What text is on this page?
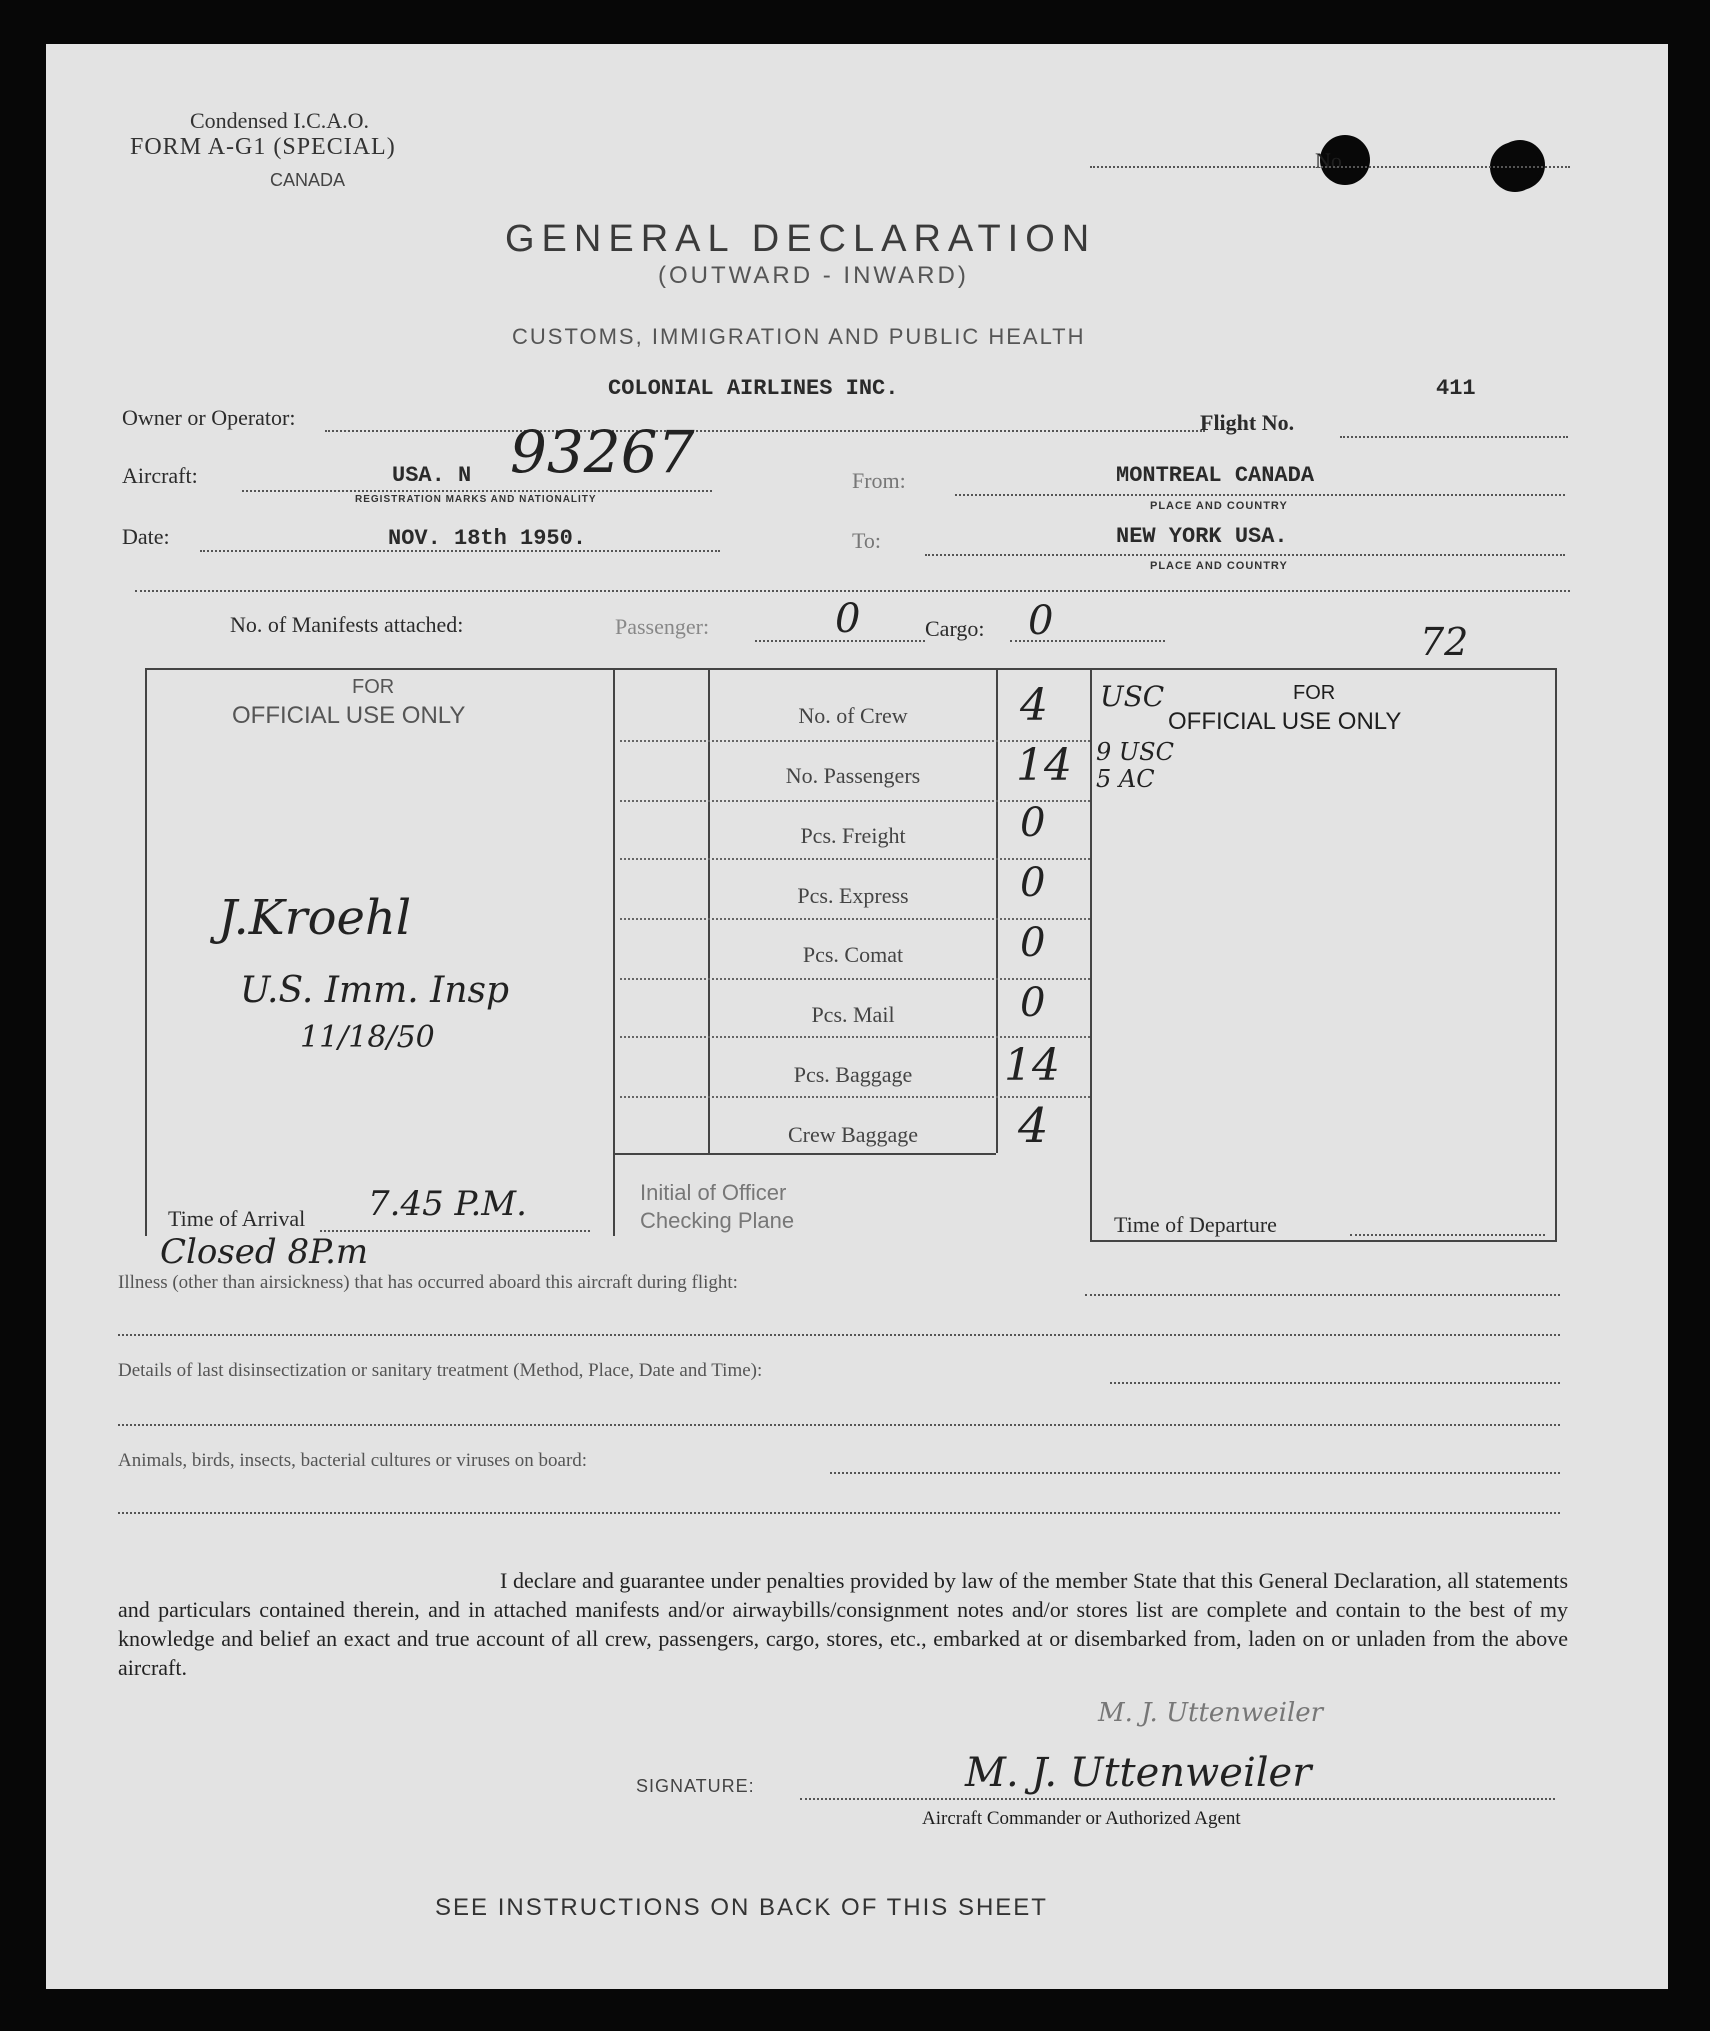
Condensed I.C.A.O.
FORM A-G1 (SPECIAL)
CANADA
No
GENERAL DECLARATION
(OUTWARD - INWARD)
CUSTOMS, IMMIGRATION AND PUBLIC HEALTH
Owner or Operator:
COLONIAL AIRLINES INC.
Flight No.
411
Aircraft:	USA. N 93267
REGISTRATION MARKS AND NATIONALITY
From:	MONTREAL CANADA
PLACE AND COUNTRY
Date:	NOV. 18th 1950.	To:	NEW YORK USA.
PLACE AND COUNTRY
No. of Manifests attached:	Passenger:	0	Cargo: 0	72
FOR
OFFICIAL USE ONLY
J.Kroehl
U.S. Imm. Insp
11/18/50
Time of Arrival 7.45 P.M.
Closed 8P.m
Initial of Officer
Checking Plane
No. of Crew	4
No. Passengers	14
Pcs. Freight	0
Pcs. Express	0
Pcs. Comat	0
Pcs. Mail	0
Pcs. Baggage	14
Crew Baggage	4
USC	FOR
OFFICIAL USE ONLY
9 USC
5 AC
Time of Departure
Illness (other than airsickness) that has occurred aboard this aircraft during flight:
Details of last disinsectization or sanitary treatment (Method, Place, Date and Time):
Animals, birds, insects, bacterial cultures or viruses on board:
I declare and guarantee under penalties provided by law of the member State that this General Declaration, all statements and particulars contained therein, and in attached manifests and/or airwaybills/consignment notes and/or stores list are complete and contain to the best of my knowledge and belief an exact and true account of all crew, passengers, cargo, stores, etc., embarked at or disembarked from, laden on or unladen from the above aircraft.
M. J. Uttenweiler
SIGNATURE:	M. J. Uttenweiler
Aircraft Commander or Authorized Agent
SEE INSTRUCTIONS ON BACK OF THIS SHEET
